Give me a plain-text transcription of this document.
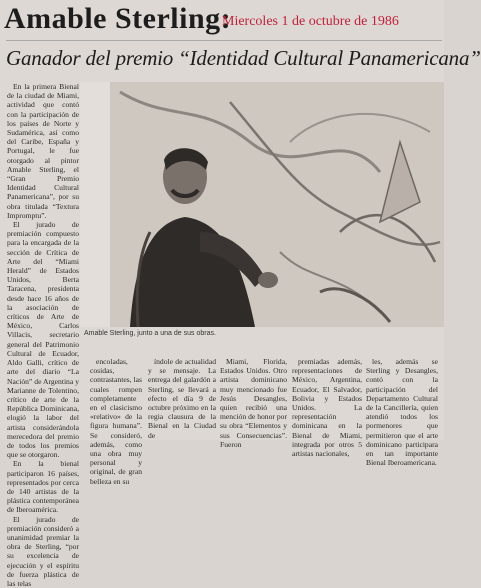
Amable Sterling:
Miercoles 1 de octubre de 1986
Ganador del premio “Identidad Cultural Panamericana”

En la primera Bienal de la ciudad de Miami, actividad que contó con la participación de los países de Norte y Sudamérica, así como del Caribe, España y Portugal, le fue otorgado al pintor Amable Sterling, el “Gran Premio Identidad Cultural Panamericana”, por su obra titulada “Textura Impromptu”.

El jurado de premiación compuesto para la encargada de la sección de Crítica de Arte del “Miami Herald” de Estados Unidos, Berta Taracena, presidenta desde hace 16 años de la asociación de críticos de Arte de México, Carlos Villacis, secretario general del Patrimonio Cultural de Ecuador, Aldo Galli, crítico de arte del diario “La Nación” de Argentina y Marianne de Tolentino, crítico de arte de la República Dominicana, elogió la labor del artista considerándola merecedora del premio de todos los premios que se otorgaron.

En la bienal participaron 16 países, representados por cerca de 140 artistas de la plástica contemporánea de Iberoamérica.

El jurado de premiación consideró a unanimidad premiar la obra de Sterling, “por su excelencia de ejecución y el espíritu de fuerza plástica de las telas

Amable Sterling, junto a una de sus obras.

encoladas, cosidas, contrastantes, las cuales rompen completamente en el clasicismo «relativo» de la figura humana”. Se consideró, además, como una obra muy personal y original, de gran belleza en su

índole de actualidad y se mensaje. La entrega del galardón a Sterling, se llevará a efecto el día 9 de octubre próximo en la regia clausura de la Bienal en la Ciudad de

Miami, Florida, Estados Unidos. Otro artista dominicano muy mencionado fue Jesús Desangles, quien recibió una mención de honor por su obra “Elementos y sus Consecuencias”. Fueron

premiadas además, representaciones de México, Argentina, Ecuador, El Salvador, Bolivia y Estados Unidos. La representación dominicana en la Bienal de Miami, integrada por otros 5 artistas nacionales,

les, además se Sterling y Desangles, contó con la participación del Departamento Cultural de la Cancillería, quien atendió todos los pormenores que permitieron que el arte dominicano participara en tan importante Bienal Iberoamericana.
